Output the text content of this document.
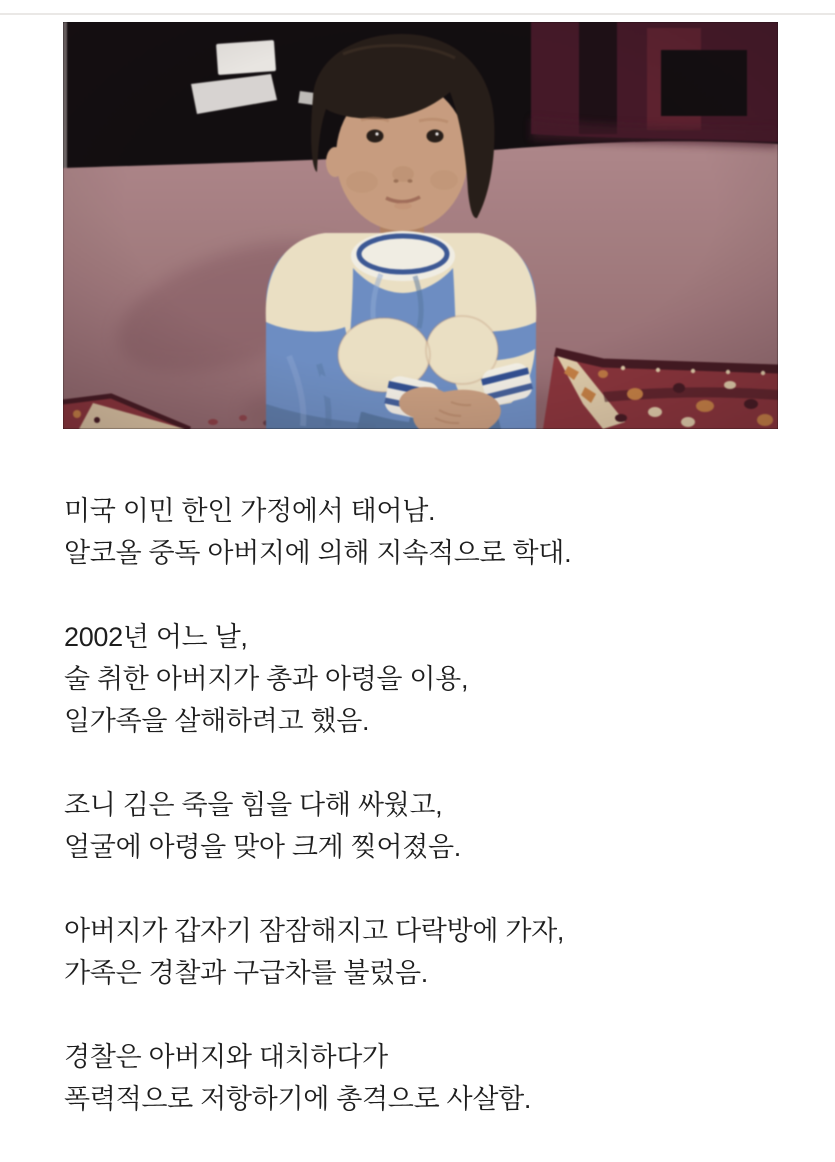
미국 이민 한인 가정에서 태어남.
알코올 중독 아버지에 의해 지속적으로 학대.

2002년 어느 날,
술 취한 아버지가 총과 아령을 이용,
일가족을 살해하려고 했음.

조니 김은 죽을 힘을 다해 싸웠고,
얼굴에 아령을 맞아 크게 찢어졌음.

아버지가 갑자기 잠잠해지고 다락방에 가자,
가족은 경찰과 구급차를 불렀음.

경찰은 아버지와 대치하다가
폭력적으로 저항하기에 총격으로 사살함.
